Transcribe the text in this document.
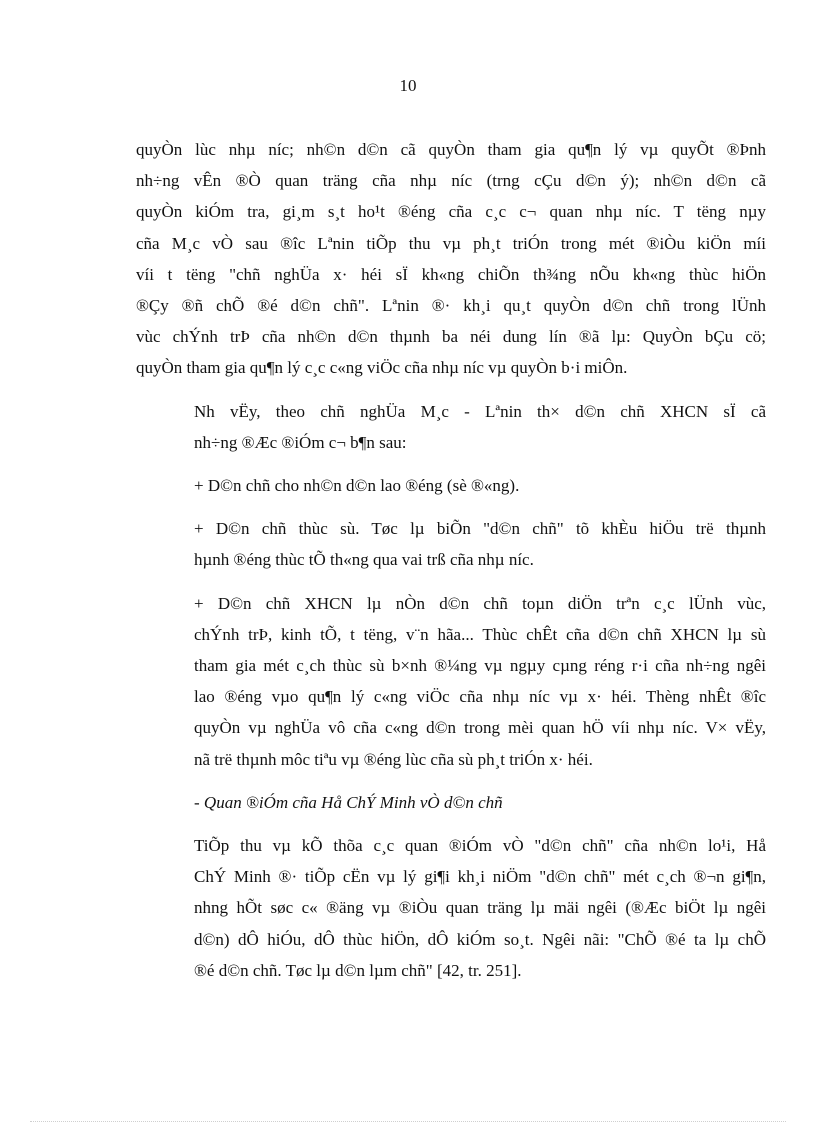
10
quyÒn lùc nhµ níc; nh©n d©n cã quyÒn tham gia qu¶n lý vµ quyÕt ®Þnh
nh÷ng vÊn ®Ò quan träng cña nhµ níc (trng cÇu d©n ý); nh©n d©n cã
quyÒn kiÓm tra, gi¸m s¸t ho¹t ®éng cña c¸c c¬ quan nhµ níc. T tëng nµy
cña M¸c vÒ sau ®îc Lªnin tiÕp thu vµ ph¸t triÓn trong mét ®iÒu kiÖn míi
víi t tëng "chñ nghÜa x· héi sÏ kh«ng chiÕn th¾ng nÕu kh«ng thùc hiÖn
®Çy ®ñ chÕ ®é d©n chñ". Lªnin ®· kh¸i qu¸t quyÒn d©n chñ trong lÜnh
vùc chÝnh trÞ cña nh©n d©n thµnh ba néi dung lín ®ã lµ: QuyÒn bÇu cö;
quyÒn tham gia qu¶n lý c¸c c«ng viÖc cña nhµ níc vµ quyÒn b·i miÔn.
Nh vËy, theo chñ nghÜa M¸c - Lªnin th× d©n chñ XHCN sÏ cã
nh÷ng ®Æc ®iÓm c¬ b¶n sau:
+ D©n chñ cho nh©n d©n lao ®éng (sè ®«ng).
+ D©n chñ thùc sù. Tøc lµ biÕn "d©n chñ" tõ khÈu hiÖu trë thµnh
hµnh ®éng thùc tÕ th«ng qua vai trß cña nhµ níc.
+ D©n chñ XHCN lµ nÒn d©n chñ toµn diÖn trªn c¸c lÜnh vùc,
chÝnh trÞ, kinh tÕ, t tëng, v¨n hãa... Thùc chÊt cña d©n chñ XHCN lµ sù
tham gia mét c¸ch thùc sù b×nh ®¼ng vµ ngµy cµng réng r·i cña nh÷ng ngêi
lao ®éng vµo qu¶n lý c«ng viÖc cña nhµ níc vµ x· héi. Thèng nhÊt ®îc
quyÒn vµ nghÜa vô cña c«ng d©n trong mèi quan hÖ víi nhµ níc. V× vËy,
nã trë thµnh môc tiªu vµ ®éng lùc cña sù ph¸t triÓn x· héi.
- Quan ®iÓm cña Hå ChÝ Minh vÒ d©n chñ
TiÕp thu vµ kÕ thõa c¸c quan ®iÓm vÒ "d©n chñ" cña nh©n lo¹i, Hå
ChÝ Minh ®· tiÕp cËn vµ lý gi¶i kh¸i niÖm "d©n chñ" mét c¸ch ®¬n gi¶n,
nhng hÕt søc c« ®äng vµ ®iÒu quan träng lµ mäi ngêi (®Æc biÖt lµ ngêi
d©n) dÔ hiÓu, dÔ thùc hiÖn, dÔ kiÓm so¸t. Ngêi nãi: "ChÕ ®é ta lµ chÕ
®é d©n chñ. Tøc lµ d©n lµm chñ" [42, tr. 251].
